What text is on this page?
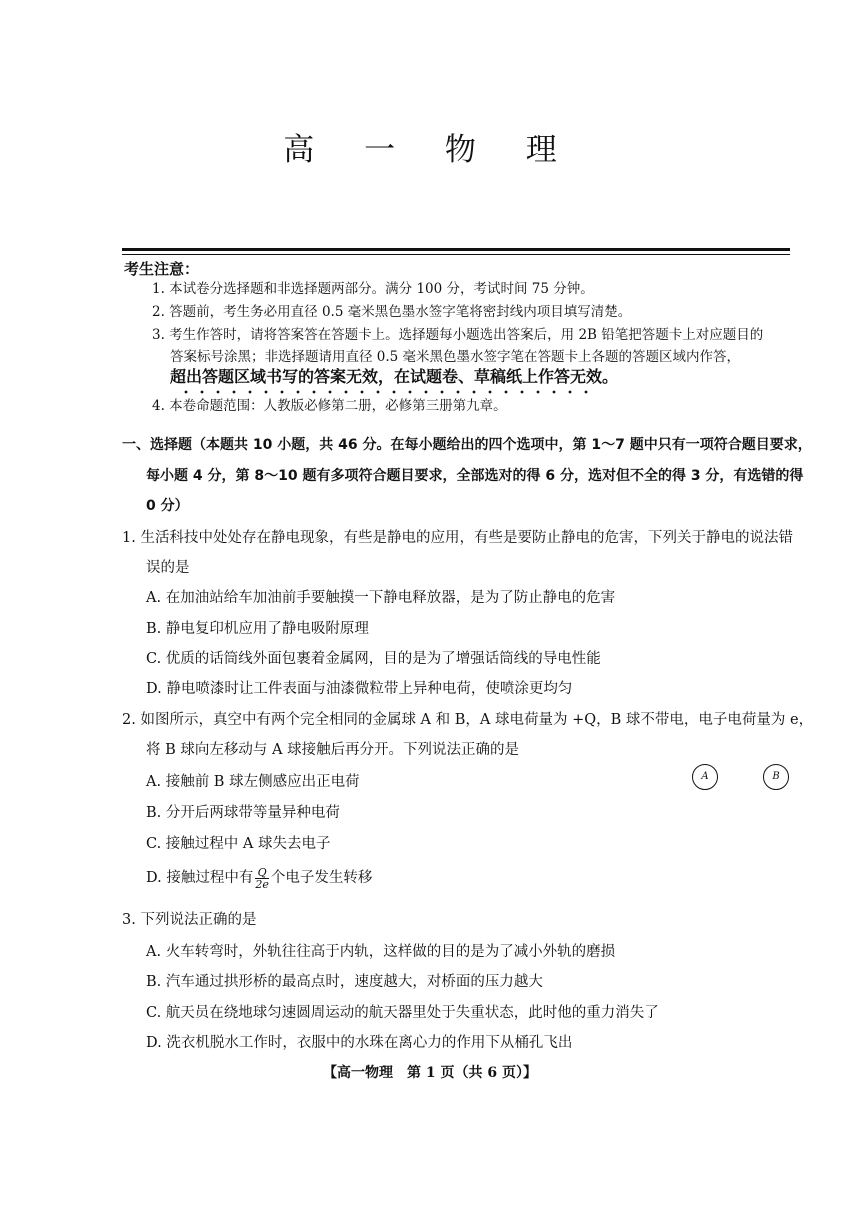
高 一 物 理
考生注意：
1. 本试卷分选择题和非选择题两部分。满分 100 分，考试时间 75 分钟。
2. 答题前，考生务必用直径 0.5 毫米黑色墨水签字笔将密封线内项目填写清楚。
3. 考生作答时，请将答案答在答题卡上。选择题每小题选出答案后，用 2B 铅笔把答题卡上对应题目的
答案标号涂黑；非选择题请用直径 0.5 毫米黑色墨水签字笔在答题卡上各题的答题区域内作答，
超出答题区域书写的答案无效，在试题卷、草稿纸上作答无效。
4. 本卷命题范围：人教版必修第二册，必修第三册第九章。
一、选择题（本题共 10 小题，共 46 分。在每小题给出的四个选项中，第 1～7 题中只有一项符合题目要求，
每小题 4 分，第 8～10 题有多项符合题目要求，全部选对的得 6 分，选对但不全的得 3 分，有选错的得
0 分）
1. 生活科技中处处存在静电现象，有些是静电的应用，有些是要防止静电的危害，下列关于静电的说法错
误的是
A. 在加油站给车加油前手要触摸一下静电释放器，是为了防止静电的危害
B. 静电复印机应用了静电吸附原理
C. 优质的话筒线外面包裹着金属网，目的是为了增强话筒线的导电性能
D. 静电喷漆时让工件表面与油漆微粒带上异种电荷，使喷涂更均匀
2. 如图所示，真空中有两个完全相同的金属球 A 和 B，A 球电荷量为 +Q，B 球不带电，电子电荷量为 e，
将 B 球向左移动与 A 球接触后再分开。下列说法正确的是
A. 接触前 B 球左侧感应出正电荷
B. 分开后两球带等量异种电荷
C. 接触过程中 A 球失去电子
D. 接触过程中有 $\frac{Q}{2e}$ 个电子发生转移
A	B
3. 下列说法正确的是
A. 火车转弯时，外轨往往高于内轨，这样做的目的是为了减小外轨的磨损
B. 汽车通过拱形桥的最高点时，速度越大，对桥面的压力越大
C. 航天员在绕地球匀速圆周运动的航天器里处于失重状态，此时他的重力消失了
D. 洗衣机脱水工作时，衣服中的水珠在离心力的作用下从桶孔飞出
【高一物理　第 1 页（共 6 页）】
